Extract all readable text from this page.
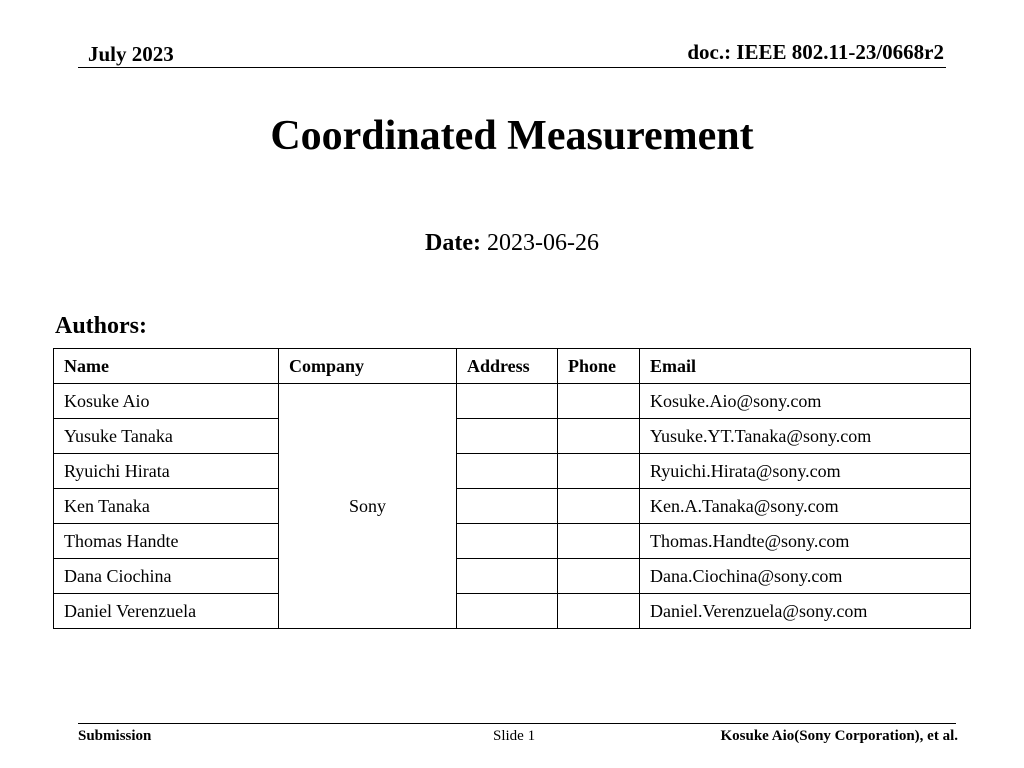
July 2023	doc.: IEEE 802.11-23/0668r2
Coordinated Measurement
Date: 2023-06-26
Authors:
Name	Company	Address	Phone	Email
Kosuke Aio	Sony			Kosuke.Aio@sony.com
Yusuke Tanaka				Yusuke.YT.Tanaka@sony.com
Ryuichi Hirata				Ryuichi.Hirata@sony.com
Ken Tanaka				Ken.A.Tanaka@sony.com
Thomas Handte				Thomas.Handte@sony.com
Dana Ciochina				Dana.Ciochina@sony.com
Daniel Verenzuela				Daniel.Verenzuela@sony.com
Submission	Slide 1	Kosuke Aio(Sony Corporation), et al.
